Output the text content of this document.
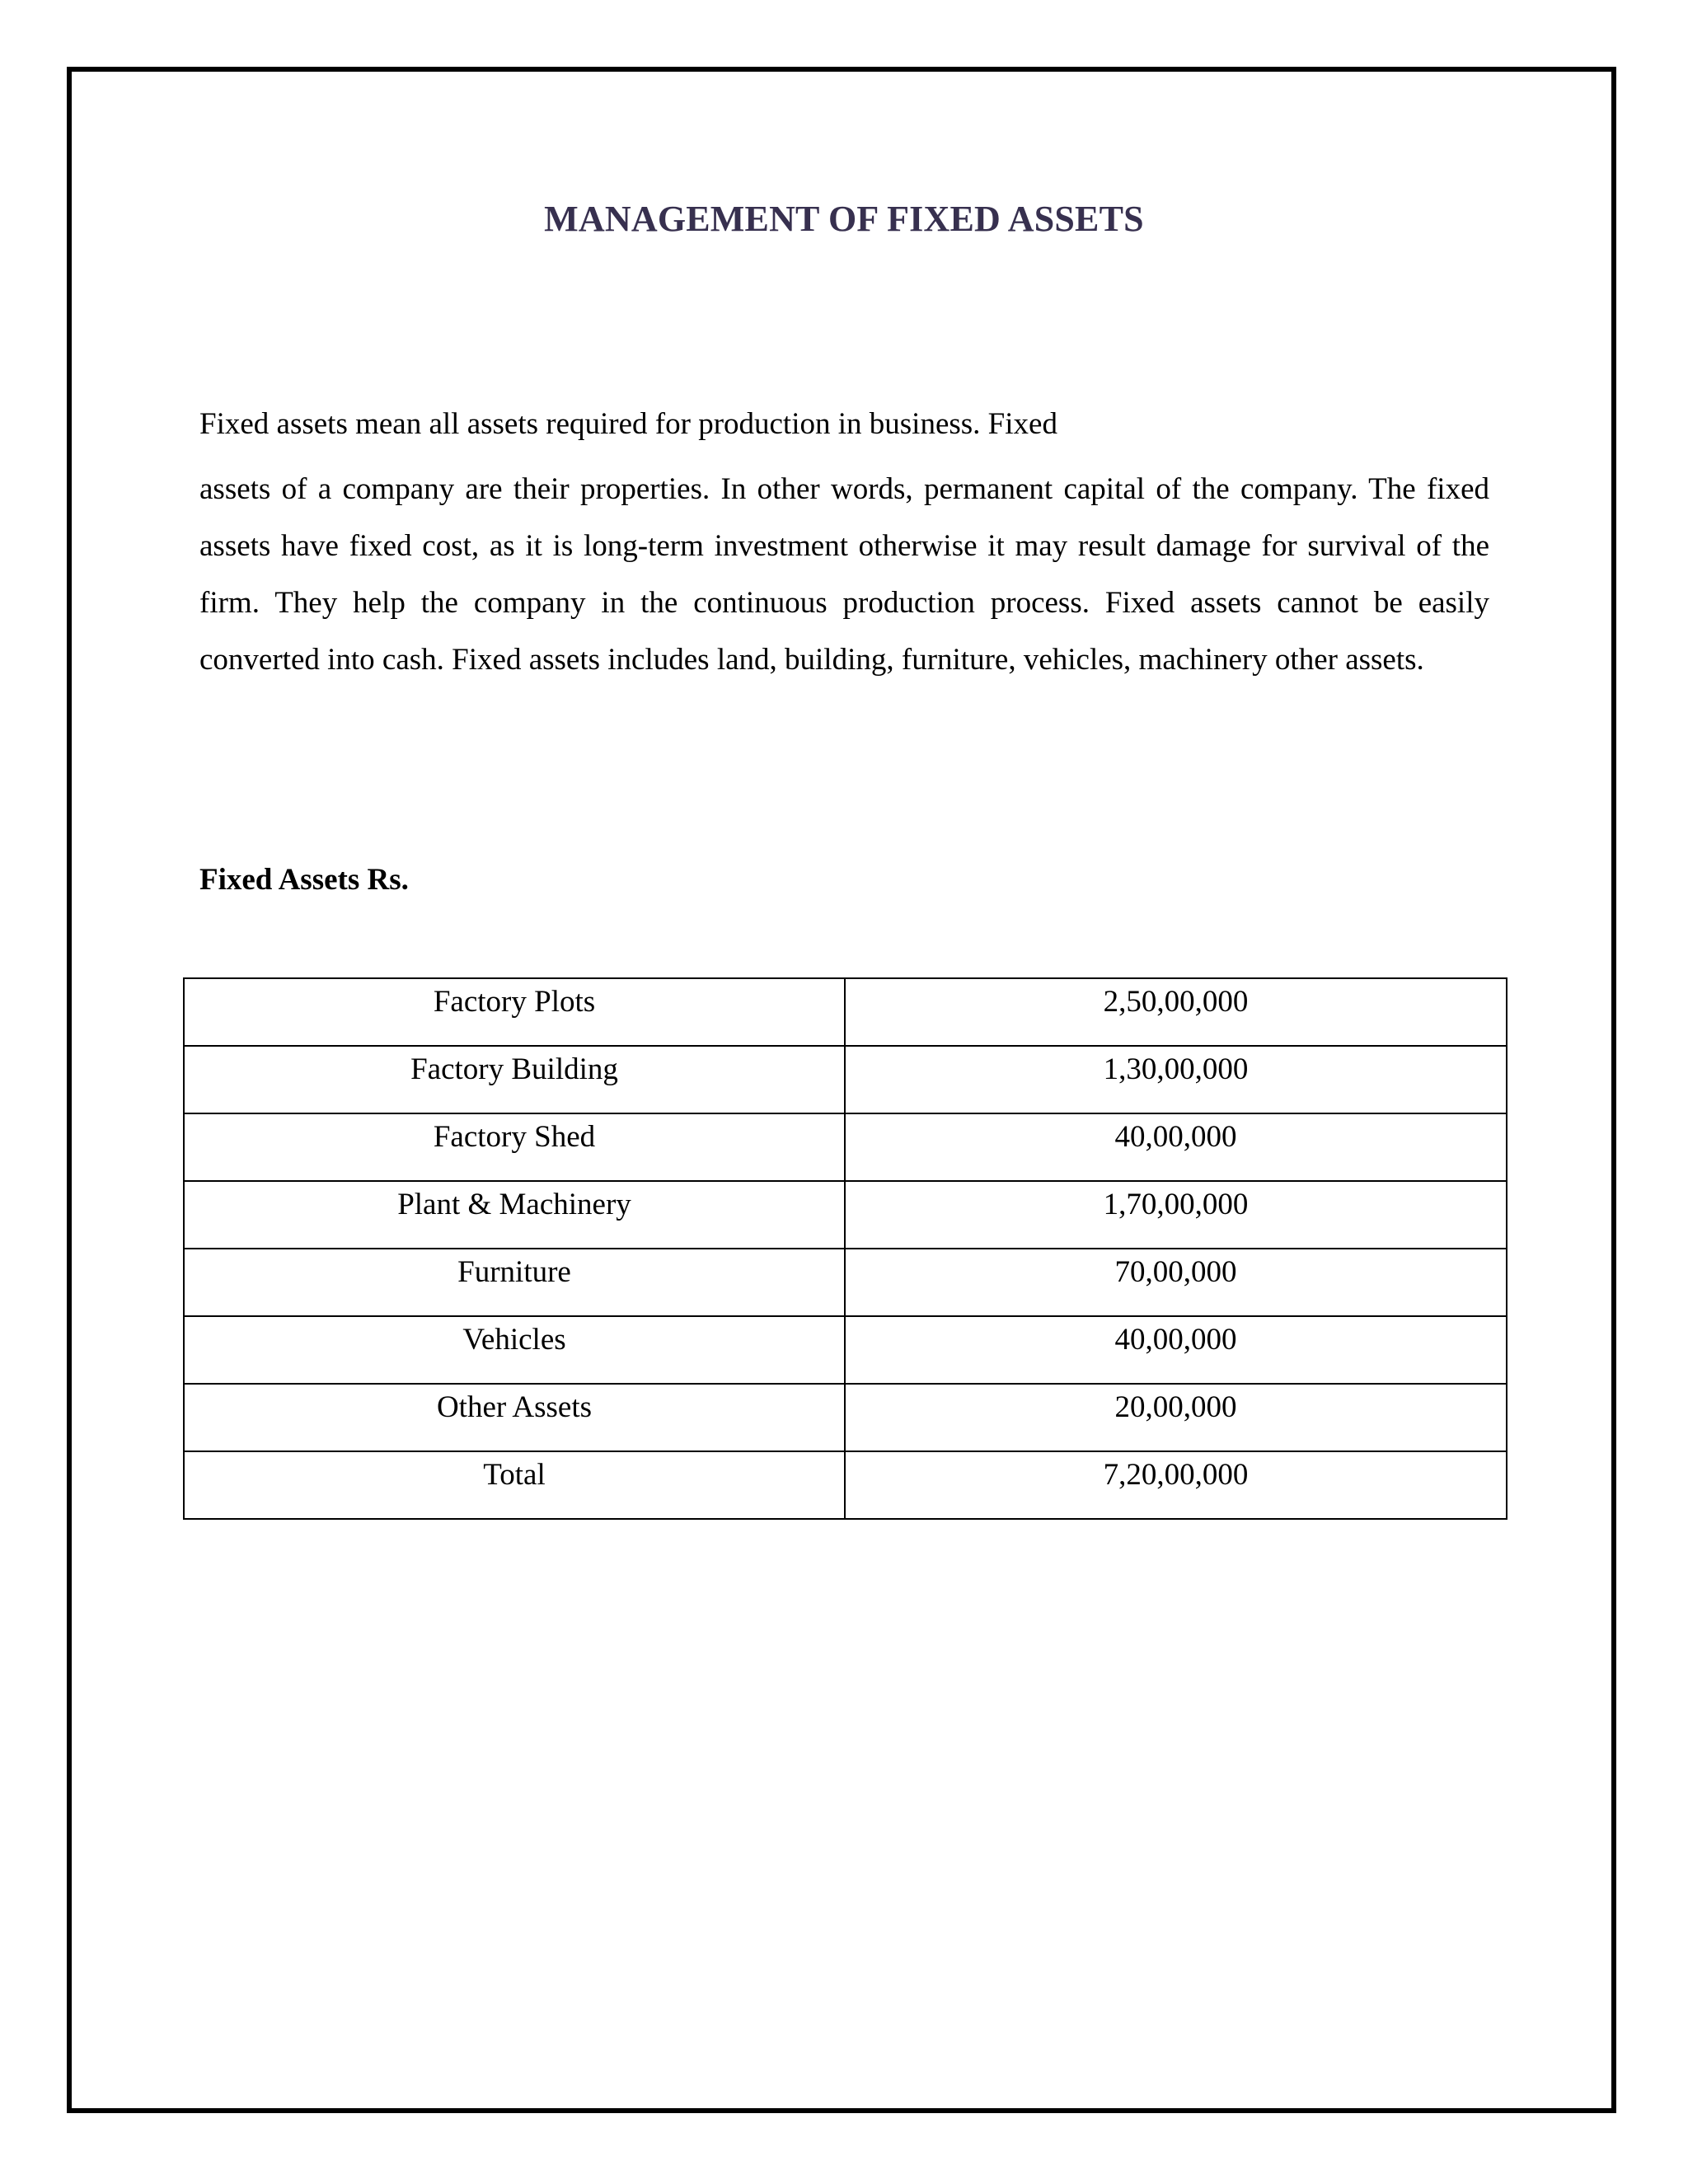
MANAGEMENT OF FIXED ASSETS
Fixed assets mean all assets required for production in business. Fixed
assets of a company are their properties. In other words, permanent capital of the company. The fixed assets have fixed cost, as it is long-term investment otherwise it may result damage for survival of the firm. They help the company in the continuous production process. Fixed assets cannot be easily converted into cash. Fixed assets includes land, building, furniture, vehicles, machinery other assets.
Fixed Assets Rs.
Factory Plots	2,50,00,000
Factory Building	1,30,00,000
Factory Shed	40,00,000
Plant & Machinery	1,70,00,000
Furniture	70,00,000
Vehicles	40,00,000
Other Assets	20,00,000
Total	7,20,00,000
